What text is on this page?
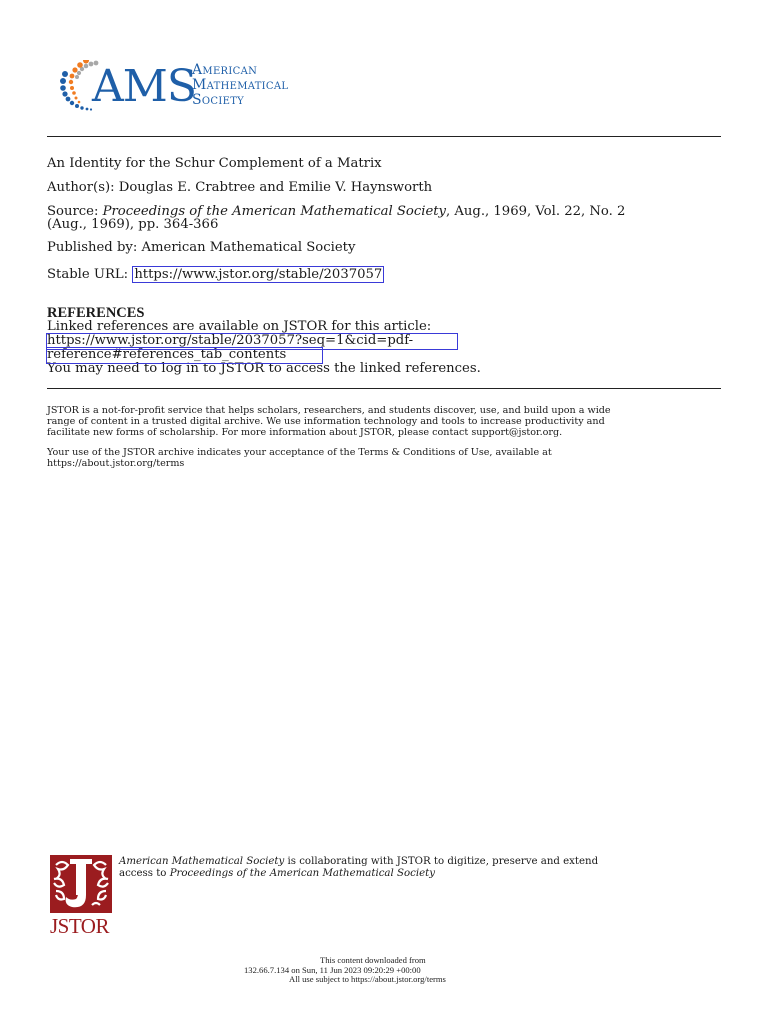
AMS
American
Mathematical
Society
An Identity for the Schur Complement of a Matrix
Author(s): Douglas E. Crabtree and Emilie V. Haynsworth
Source: Proceedings of the American Mathematical Society, Aug., 1969, Vol. 22, No. 2
(Aug., 1969), pp. 364-366
Published by: American Mathematical Society
Stable URL: https://www.jstor.org/stable/2037057
REFERENCES
Linked references are available on JSTOR for this article:
https://www.jstor.org/stable/2037057?seq=1&cid=pdf-
reference#references_tab_contents
You may need to log in to JSTOR to access the linked references.
JSTOR is a not-for-profit service that helps scholars, researchers, and students discover, use, and build upon a wide
range of content in a trusted digital archive. We use information technology and tools to increase productivity and
facilitate new forms of scholarship. For more information about JSTOR, please contact support@jstor.org.
Your use of the JSTOR archive indicates your acceptance of the Terms & Conditions of Use, available at
https://about.jstor.org/terms
JSTOR
American Mathematical Society is collaborating with JSTOR to digitize, preserve and extend
access to Proceedings of the American Mathematical Society
This content downloaded from
132.66.7.134 on Sun, 11 Jun 2023 09:20:29 +00:00
All use subject to https://about.jstor.org/terms
